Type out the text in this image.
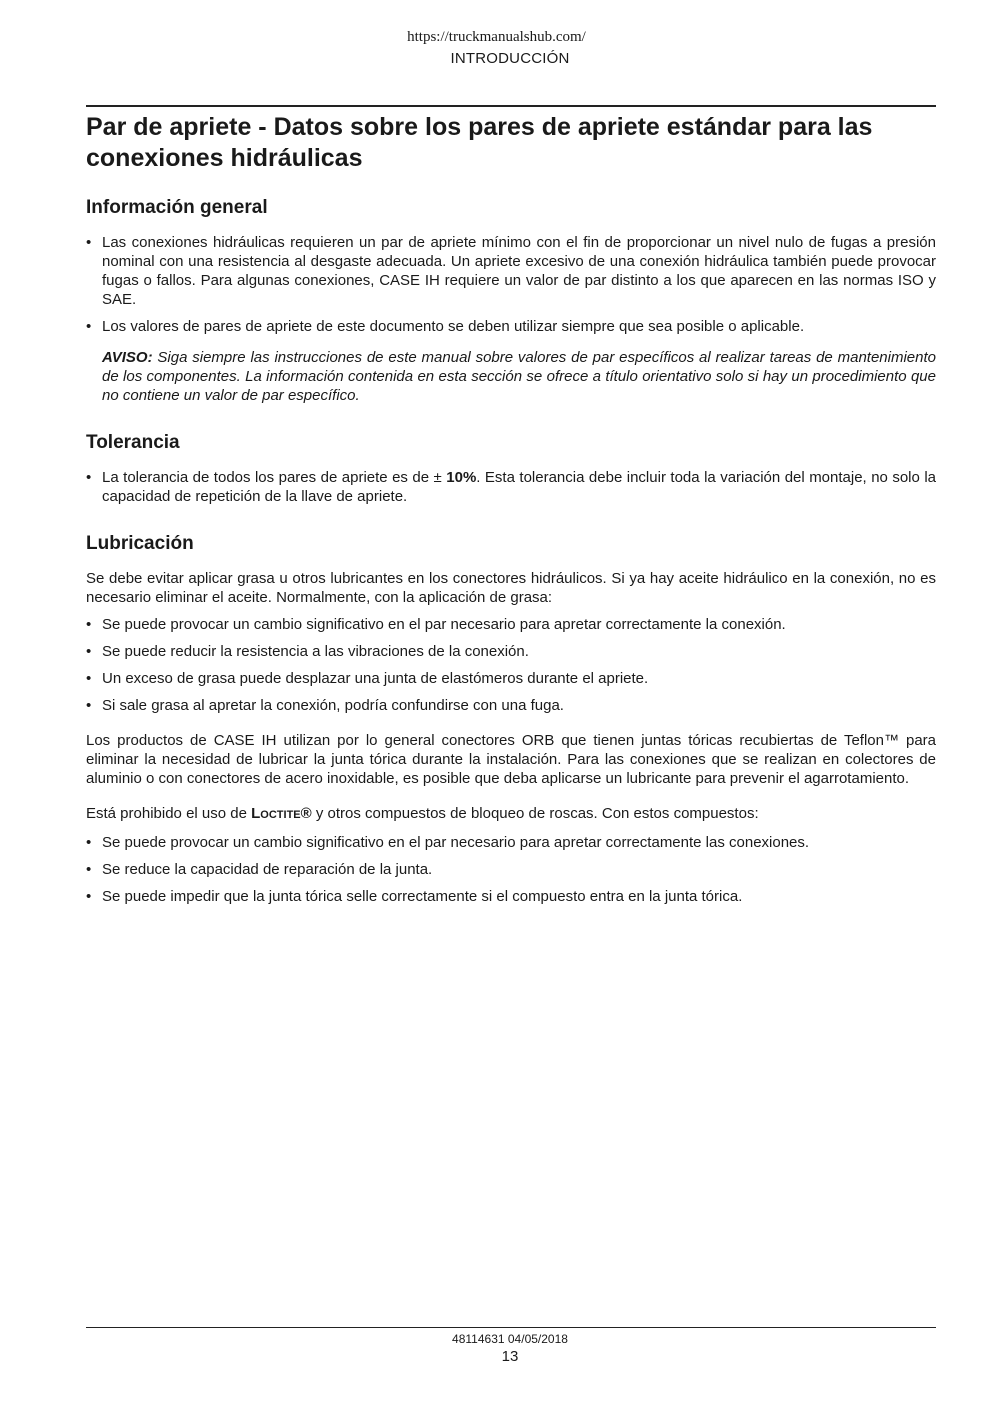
https://truckmanualshub.com/
INTRODUCCIÓN
Par de apriete - Datos sobre los pares de apriete estándar para las conexiones hidráulicas
Información general
• Las conexiones hidráulicas requieren un par de apriete mínimo con el fin de proporcionar un nivel nulo de fugas a presión nominal con una resistencia al desgaste adecuada. Un apriete excesivo de una conexión hidráulica también puede provocar fugas o fallos. Para algunas conexiones, CASE IH requiere un valor de par distinto a los que aparecen en las normas ISO y SAE.
• Los valores de pares de apriete de este documento se deben utilizar siempre que sea posible o aplicable.

AVISO: Siga siempre las instrucciones de este manual sobre valores de par específicos al realizar tareas de mantenimiento de los componentes. La información contenida en esta sección se ofrece a título orientativo solo si hay un procedimiento que no contiene un valor de par específico.

Tolerancia
• La tolerancia de todos los pares de apriete es de ± 10%. Esta tolerancia debe incluir toda la variación del montaje, no solo la capacidad de repetición de la llave de apriete.
Lubricación

Se debe evitar aplicar grasa u otros lubricantes en los conectores hidráulicos. Si ya hay aceite hidráulico en la conexión, no es necesario eliminar el aceite. Normalmente, con la aplicación de grasa:

• Se puede provocar un cambio significativo en el par necesario para apretar correctamente la conexión.
• Se puede reducir la resistencia a las vibraciones de la conexión.
• Un exceso de grasa puede desplazar una junta de elastómeros durante el apriete.
• Si sale grasa al apretar la conexión, podría confundirse con una fuga.

Los productos de CASE IH utilizan por lo general conectores ORB que tienen juntas tóricas recubiertas de Teflon™ para eliminar la necesidad de lubricar la junta tórica durante la instalación. Para las conexiones que se realizan en colectores de aluminio o con conectores de acero inoxidable, es posible que deba aplicarse un lubricante para prevenir el agarrotamiento.

Está prohibido el uso de LOCTITE® y otros compuestos de bloqueo de roscas. Con estos compuestos:

• Se puede provocar un cambio significativo en el par necesario para apretar correctamente las conexiones.
• Se reduce la capacidad de reparación de la junta.
• Se puede impedir que la junta tórica selle correctamente si el compuesto entra en la junta tórica.
48114631 04/05/2018
13
